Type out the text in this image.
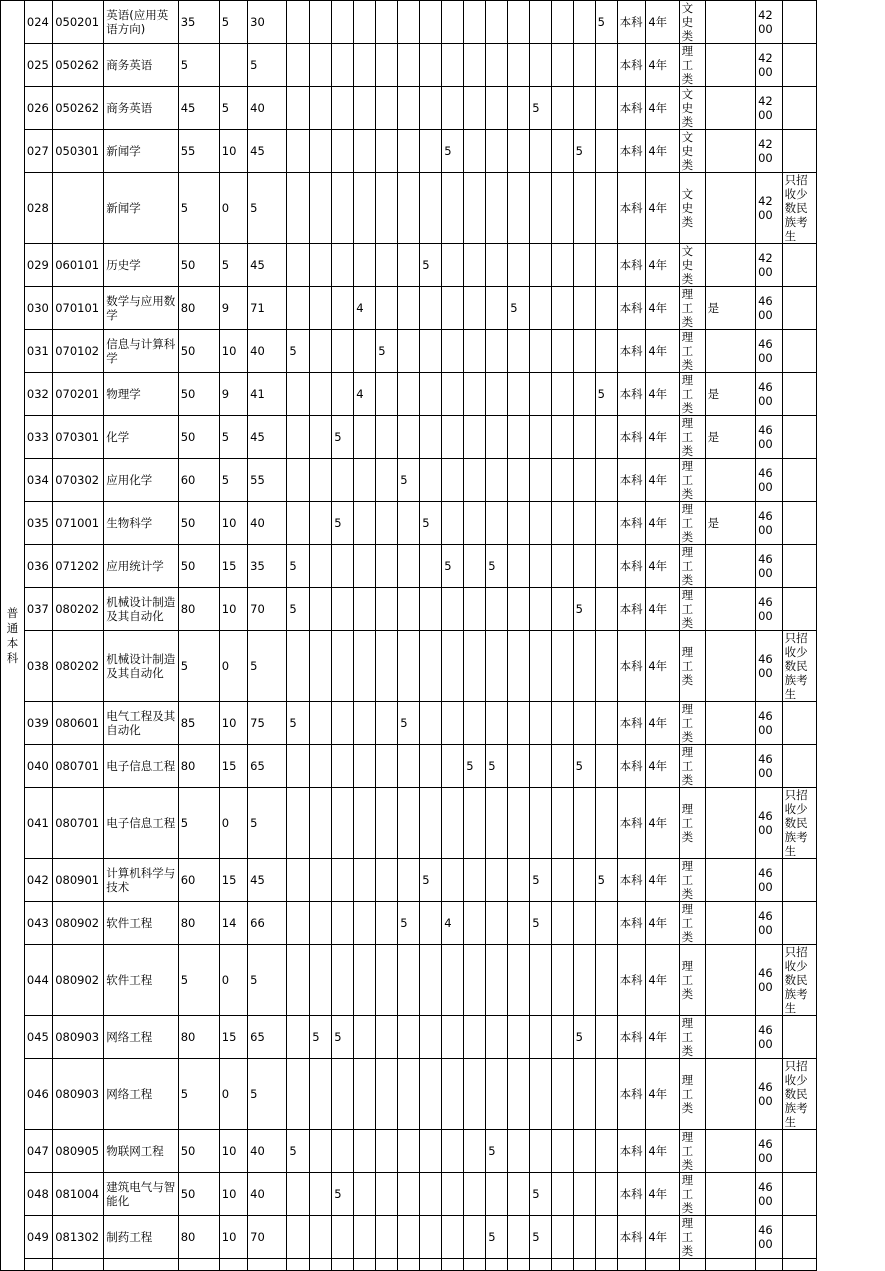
普通本科	024	050201	英语(应用英语方向)	35	5	30															5	本科	4年	文史类		4200	
	025	050262	商务英语	5		5																本科	4年	理工类		4200	
	026	050262	商务英语	45	5	40												5				本科	4年	文史类		4200	
	027	050301	新闻学	55	10	45								5						5		本科	4年	文史类		4200	
	028		新闻学	5	0	5																本科	4年	文史类		4200	只招收少数民族考生
	029	060101	历史学	50	5	45							5									本科	4年	文史类		4200	
	030	070101	数学与应用数学	80	9	71				4							5					本科	4年	理工类	是	4600	
	031	070102	信息与计算科学	50	10	40	5				5											本科	4年	理工类		4600	
	032	070201	物理学	50	9	41				4											5	本科	4年	理工类	是	4600	
	033	070301	化学	50	5	45			5													本科	4年	理工类	是	4600	
	034	070302	应用化学	60	5	55						5										本科	4年	理工类		4600	
	035	071001	生物科学	50	10	40			5				5									本科	4年	理工类	是	4600	
	036	071202	应用统计学	50	15	35	5							5		5						本科	4年	理工类		4600	
	037	080202	机械设计制造及其自动化	80	10	70	5													5		本科	4年	理工类		4600	
	038	080202	机械设计制造及其自动化	5	0	5																本科	4年	理工类		4600	只招收少数民族考生
	039	080601	电气工程及其自动化	85	10	75	5					5										本科	4年	理工类		4600	
	040	080701	电子信息工程	80	15	65									5	5				5		本科	4年	理工类		4600	
	041	080701	电子信息工程	5	0	5																本科	4年	理工类		4600	只招收少数民族考生
	042	080901	计算机科学与技术	60	15	45							5					5			5	本科	4年	理工类		4600	
	043	080902	软件工程	80	14	66						5		4				5				本科	4年	理工类		4600	
	044	080902	软件工程	5	0	5																本科	4年	理工类		4600	只招收少数民族考生
	045	080903	网络工程	80	15	65		5	5											5		本科	4年	理工类		4600	
	046	080903	网络工程	5	0	5																本科	4年	理工类		4600	只招收少数民族考生
	047	080905	物联网工程	50	10	40	5									5						本科	4年	理工类		4600	
	048	081004	建筑电气与智能化	50	10	40			5									5				本科	4年	理工类		4600	
	049	081302	制药工程	80	10	70										5		5				本科	4年	理工类		4600	
